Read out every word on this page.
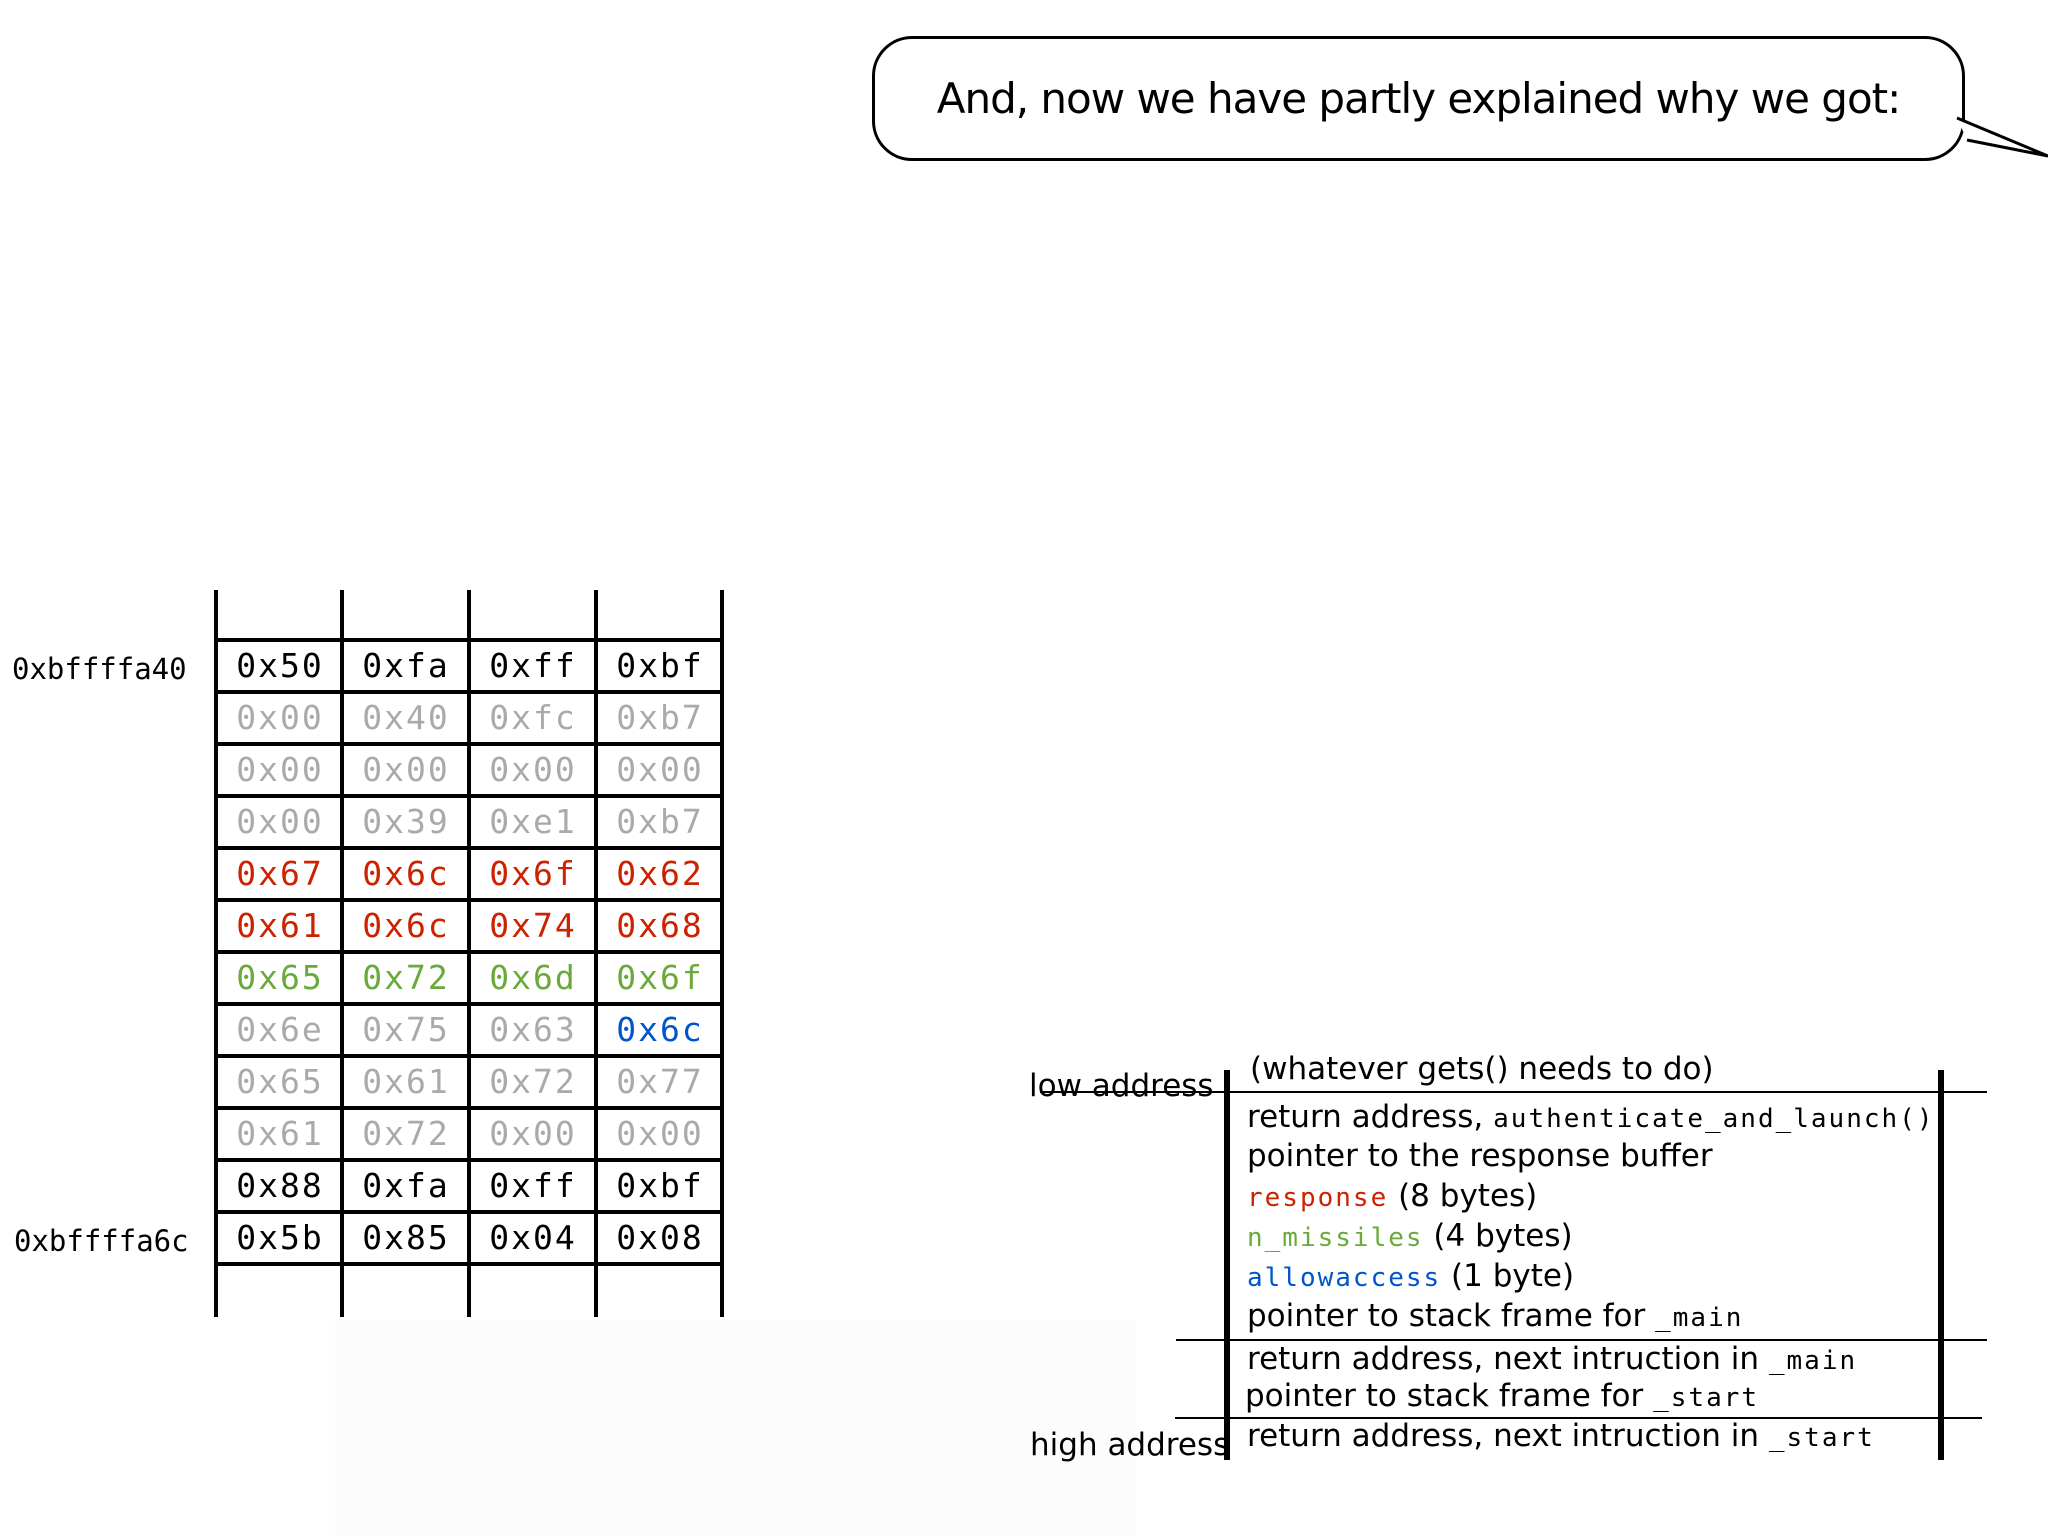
And, now we have partly explained why we got:
0xbffffa40
0xbffffa6c
0x50	0xfa	0xff	0xbf
0x00	0x40	0xfc	0xb7
0x00	0x00	0x00	0x00
0x00	0x39	0xe1	0xb7
0x67	0x6c	0x6f	0x62
0x61	0x6c	0x74	0x68
0x65	0x72	0x6d	0x6f
0x6e	0x75	0x63	0x6c
0x65	0x61	0x72	0x77
0x61	0x72	0x00	0x00
0x88	0xfa	0xff	0xbf
0x5b	0x85	0x04	0x08
low address
high address
(whatever gets() needs to do)
return address, authenticate_and_launch()
pointer to the response buffer
response (8 bytes)
n_missiles (4 bytes)
allowaccess (1 byte)
pointer to stack frame for _main
return address, next intruction in _main
pointer to stack frame for _start
return address, next intruction in _start
